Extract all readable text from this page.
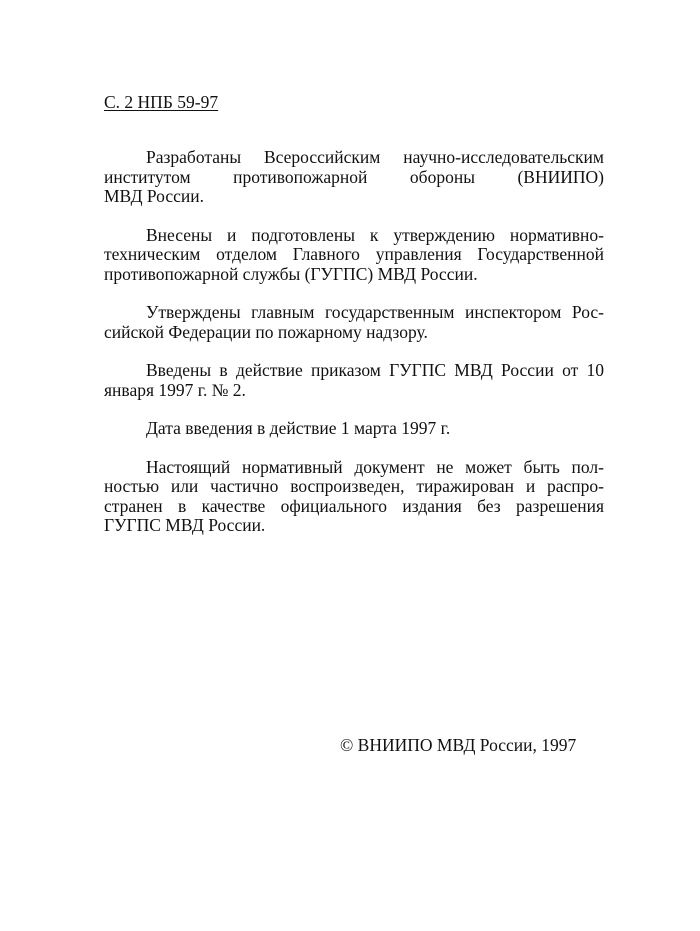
С. 2 НПБ 59-97

Разработаны Всероссийским научно-исследовательским
институтом противопожарной обороны (ВНИИПО)
МВД России.

Внесены и подготовлены к утверждению нормативно-
техническим отделом Главного управления Государственной
противопожарной службы (ГУГПС) МВД России.

Утверждены главным государственным инспектором Рос-
сийской Федерации по пожарному надзору.

Введены в действие приказом ГУГПС МВД России от 10
января 1997 г. № 2.

Дата введения в действие 1 марта 1997 г.

Настоящий нормативный документ не может быть пол-
ностью или частично воспроизведен, тиражирован и распро-
странен в качестве официального издания без разрешения
ГУГПС МВД России.

© ВНИИПО МВД России, 1997
